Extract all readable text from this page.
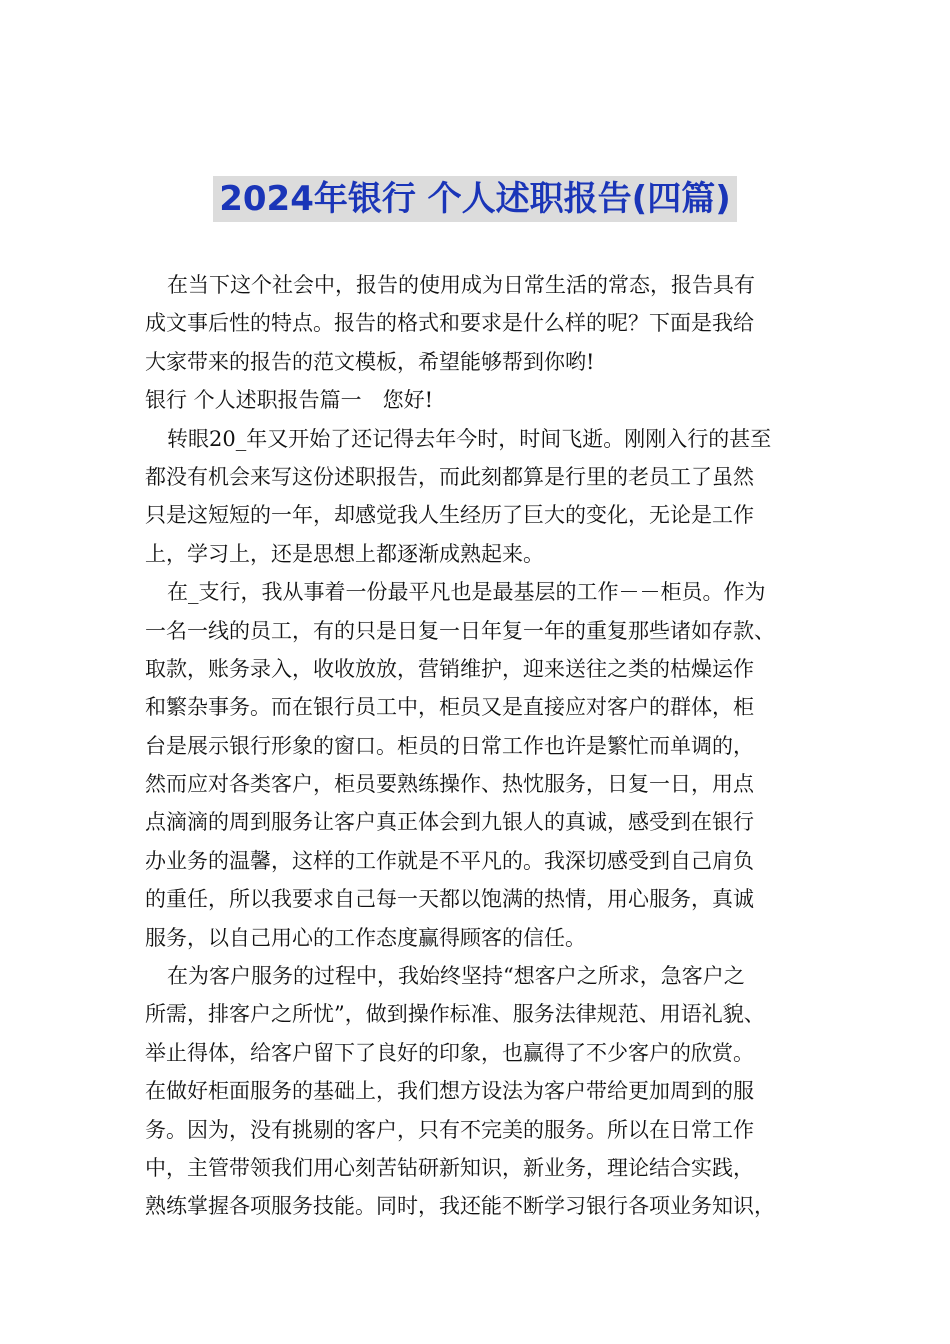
2024年银行 个人述职报告(四篇)
在当下这个社会中，报告的使用成为日常生活的常态，报告具有
成文事后性的特点。报告的格式和要求是什么样的呢？下面是我给
大家带来的报告的范文模板，希望能够帮到你哟!
银行 个人述职报告篇一　您好!
转眼20_年又开始了还记得去年今时，时间飞逝。刚刚入行的甚至
都没有机会来写这份述职报告，而此刻都算是行里的老员工了虽然
只是这短短的一年，却感觉我人生经历了巨大的变化，无论是工作
上，学习上，还是思想上都逐渐成熟起来。
在_支行，我从事着一份最平凡也是最基层的工作－－柜员。作为
一名一线的员工，有的只是日复一日年复一年的重复那些诸如存款、
取款，账务录入，收收放放，营销维护，迎来送往之类的枯燥运作
和繁杂事务。而在银行员工中，柜员又是直接应对客户的群体，柜
台是展示银行形象的窗口。柜员的日常工作也许是繁忙而单调的，
然而应对各类客户，柜员要熟练操作、热忱服务，日复一日，用点
点滴滴的周到服务让客户真正体会到九银人的真诚，感受到在银行
办业务的温馨，这样的工作就是不平凡的。我深切感受到自己肩负
的重任，所以我要求自己每一天都以饱满的热情，用心服务，真诚
服务，以自己用心的工作态度赢得顾客的信任。
在为客户服务的过程中，我始终坚持“想客户之所求，急客户之
所需，排客户之所忧”，做到操作标准、服务法律规范、用语礼貌、
举止得体，给客户留下了良好的印象，也赢得了不少客户的欣赏。
在做好柜面服务的基础上，我们想方设法为客户带给更加周到的服
务。因为，没有挑剔的客户，只有不完美的服务。所以在日常工作
中，主管带领我们用心刻苦钻研新知识，新业务，理论结合实践，
熟练掌握各项服务技能。同时，我还能不断学习银行各项业务知识，
